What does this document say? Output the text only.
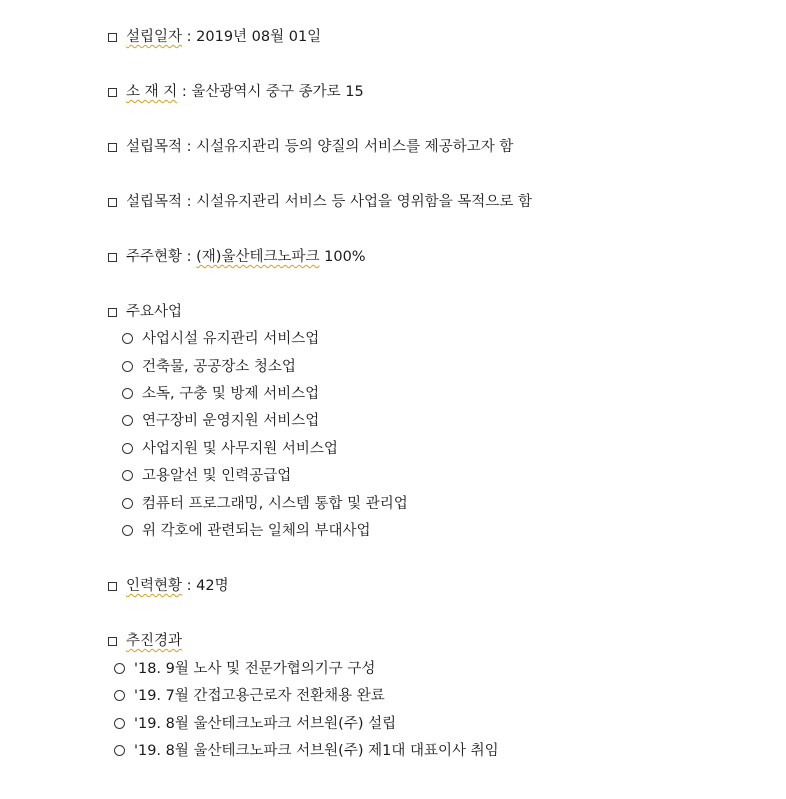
설립일자 : 2019년 08월 01일
소 재 지 : 울산광역시 중구 종가로 15
설립목적 : 시설유지관리 등의 양질의 서비스를 제공하고자 함
설립목적 : 시설유지관리 서비스 등 사업을 영위함을 목적으로 함
주주현황 : (재)울산테크노파크 100%
주요사업
사업시설 유지관리 서비스업
건축물, 공공장소 청소업
소독, 구충 및 방제 서비스업
연구장비 운영지원 서비스업
사업지원 및 사무지원 서비스업
고용알선 및 인력공급업
컴퓨터 프로그래밍, 시스템 통합 및 관리업
위 각호에 관련되는 일체의 부대사업
인력현황 : 42명
추진경과
'18. 9월 노사 및 전문가협의기구 구성
'19. 7월 간접고용근로자 전환채용 완료
'19. 8월 울산테크노파크 서브원(주) 설립
'19. 8월 울산테크노파크 서브원(주) 제1대 대표이사 취임
